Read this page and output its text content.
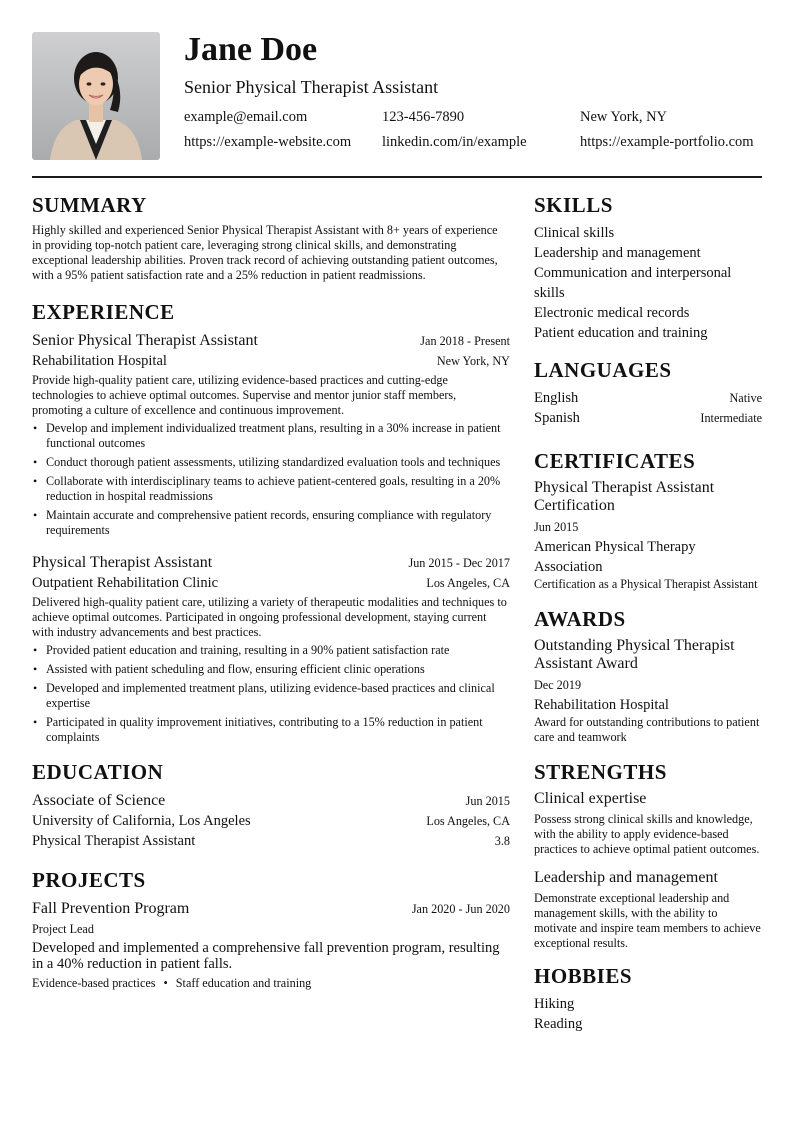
Jane Doe
Senior Physical Therapist Assistant
example@email.com	123-456-7890	New York, NY
https://example-website.com	linkedin.com/in/example	https://example-portfolio.com
SUMMARY
Highly skilled and experienced Senior Physical Therapist Assistant with 8+ years of experience in providing top-notch patient care, leveraging strong clinical skills, and demonstrating exceptional leadership abilities. Proven track record of achieving outstanding patient outcomes, with a 95% patient satisfaction rate and a 25% reduction in patient readmissions.
EXPERIENCE
Senior Physical Therapist Assistant	Jan 2018 - Present
Rehabilitation Hospital	New York, NY
Provide high-quality patient care, utilizing evidence-based practices and cutting-edge technologies to achieve optimal outcomes. Supervise and mentor junior staff members, promoting a culture of excellence and continuous improvement.
• Develop and implement individualized treatment plans, resulting in a 30% increase in patient functional outcomes
• Conduct thorough patient assessments, utilizing standardized evaluation tools and techniques
• Collaborate with interdisciplinary teams to achieve patient-centered goals, resulting in a 20% reduction in hospital readmissions
• Maintain accurate and comprehensive patient records, ensuring compliance with regulatory requirements
Physical Therapist Assistant	Jun 2015 - Dec 2017
Outpatient Rehabilitation Clinic	Los Angeles, CA
Delivered high-quality patient care, utilizing a variety of therapeutic modalities and techniques to achieve optimal outcomes. Participated in ongoing professional development, staying current with industry advancements and best practices.
• Provided patient education and training, resulting in a 90% patient satisfaction rate
• Assisted with patient scheduling and flow, ensuring efficient clinic operations
• Developed and implemented treatment plans, utilizing evidence-based practices and clinical expertise
• Participated in quality improvement initiatives, contributing to a 15% reduction in patient complaints
EDUCATION
Associate of Science	Jun 2015
University of California, Los Angeles	Los Angeles, CA
Physical Therapist Assistant	3.8
PROJECTS
Fall Prevention Program	Jan 2020 - Jun 2020
Project Lead
Developed and implemented a comprehensive fall prevention program, resulting in a 40% reduction in patient falls.
Evidence-based practices • Staff education and training
SKILLS
Clinical skills
Leadership and management
Communication and interpersonal skills
Electronic medical records
Patient education and training
LANGUAGES
English	Native
Spanish	Intermediate
CERTIFICATES
Physical Therapist Assistant Certification
Jun 2015
American Physical Therapy Association
Certification as a Physical Therapist Assistant
AWARDS
Outstanding Physical Therapist Assistant Award
Dec 2019
Rehabilitation Hospital
Award for outstanding contributions to patient care and teamwork
STRENGTHS
Clinical expertise
Possess strong clinical skills and knowledge, with the ability to apply evidence-based practices to achieve optimal patient outcomes.
Leadership and management
Demonstrate exceptional leadership and management skills, with the ability to motivate and inspire team members to achieve exceptional results.
HOBBIES
Hiking
Reading
